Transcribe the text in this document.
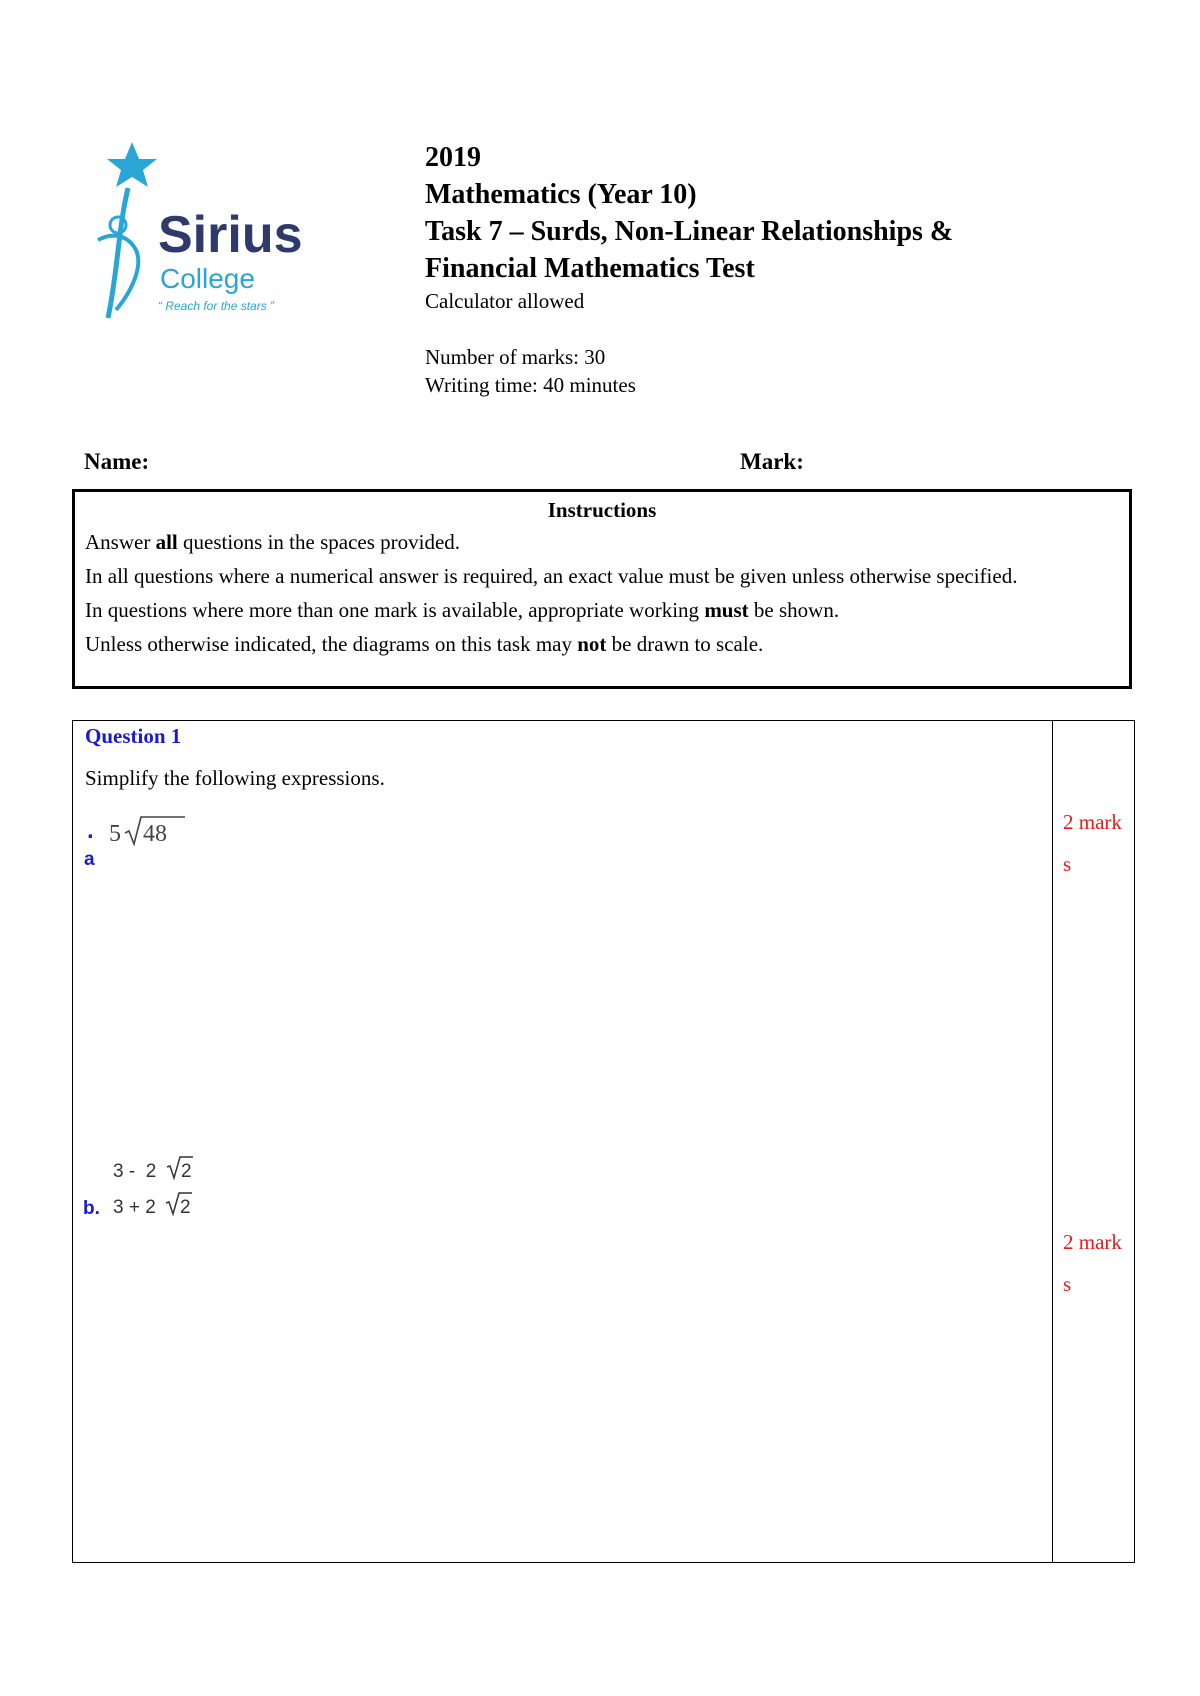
Sirius
College
“ Reach for the stars ”
2019
Mathematics (Year 10)
Task 7 – Surds, Non-Linear Relationships &
Financial Mathematics Test
Calculator allowed
Number of marks: 30
Writing time: 40 minutes
Name:	Mark:
Instructions

Answer all questions in the spaces provided.

In all questions where a numerical answer is required, an exact value must be given unless otherwise specified.

In questions where more than one mark is available, appropriate working must be shown.

Unless otherwise indicated, the diagrams on this task may not be drawn to scale.

Question 1
Simplify the following expressions.
.
a
5 48	2 marks
b.
3 -  2 2
3 + 2 2
2 marks
